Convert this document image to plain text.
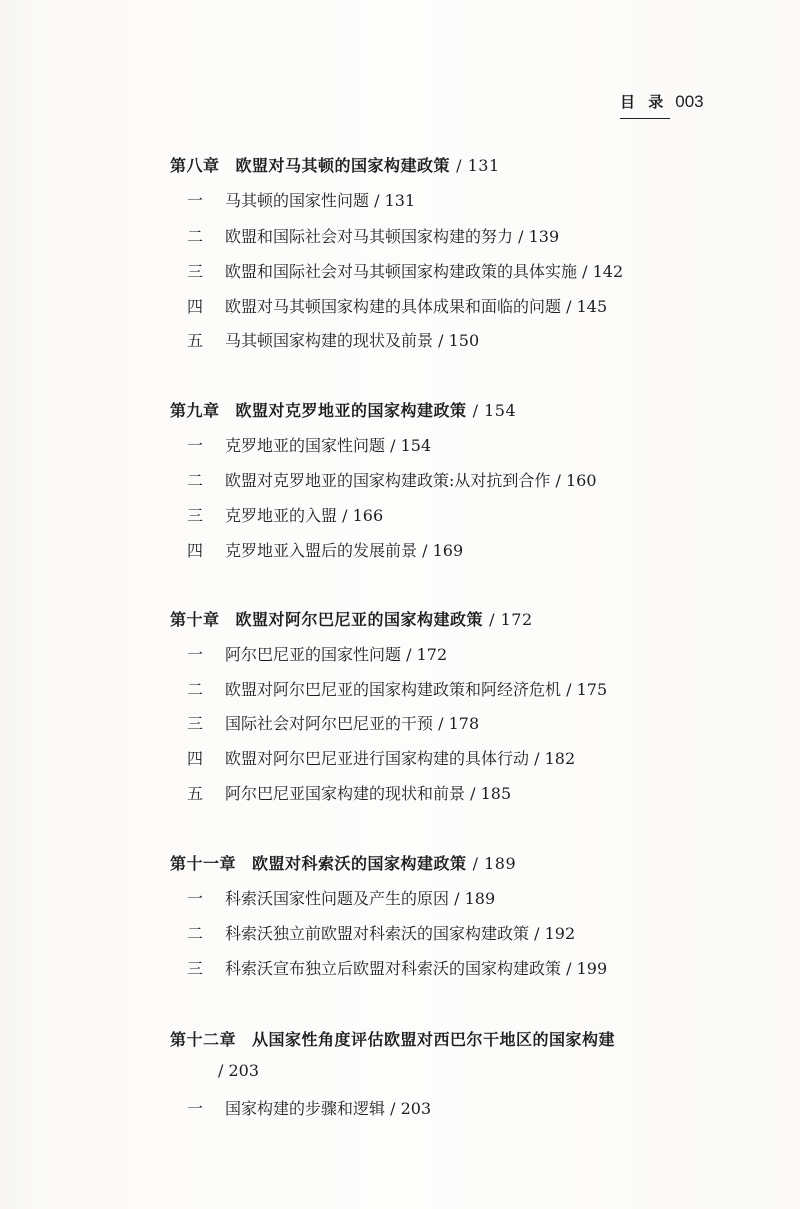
目 录 003
第八章 欧盟对马其顿的国家构建政策 / 131
一 马其顿的国家性问题 / 131
二 欧盟和国际社会对马其顿国家构建的努力 / 139
三 欧盟和国际社会对马其顿国家构建政策的具体实施 / 142
四 欧盟对马其顿国家构建的具体成果和面临的问题 / 145
五 马其顿国家构建的现状及前景 / 150
第九章 欧盟对克罗地亚的国家构建政策 / 154
一 克罗地亚的国家性问题 / 154
二 欧盟对克罗地亚的国家构建政策:从对抗到合作 / 160
三 克罗地亚的入盟 / 166
四 克罗地亚入盟后的发展前景 / 169
第十章 欧盟对阿尔巴尼亚的国家构建政策 / 172
一 阿尔巴尼亚的国家性问题 / 172
二 欧盟对阿尔巴尼亚的国家构建政策和阿经济危机 / 175
三 国际社会对阿尔巴尼亚的干预 / 178
四 欧盟对阿尔巴尼亚进行国家构建的具体行动 / 182
五 阿尔巴尼亚国家构建的现状和前景 / 185
第十一章 欧盟对科索沃的国家构建政策 / 189
一 科索沃国家性问题及产生的原因 / 189
二 科索沃独立前欧盟对科索沃的国家构建政策 / 192
三 科索沃宣布独立后欧盟对科索沃的国家构建政策 / 199
第十二章 从国家性角度评估欧盟对西巴尔干地区的国家构建
/ 203
一 国家构建的步骤和逻辑 / 203
